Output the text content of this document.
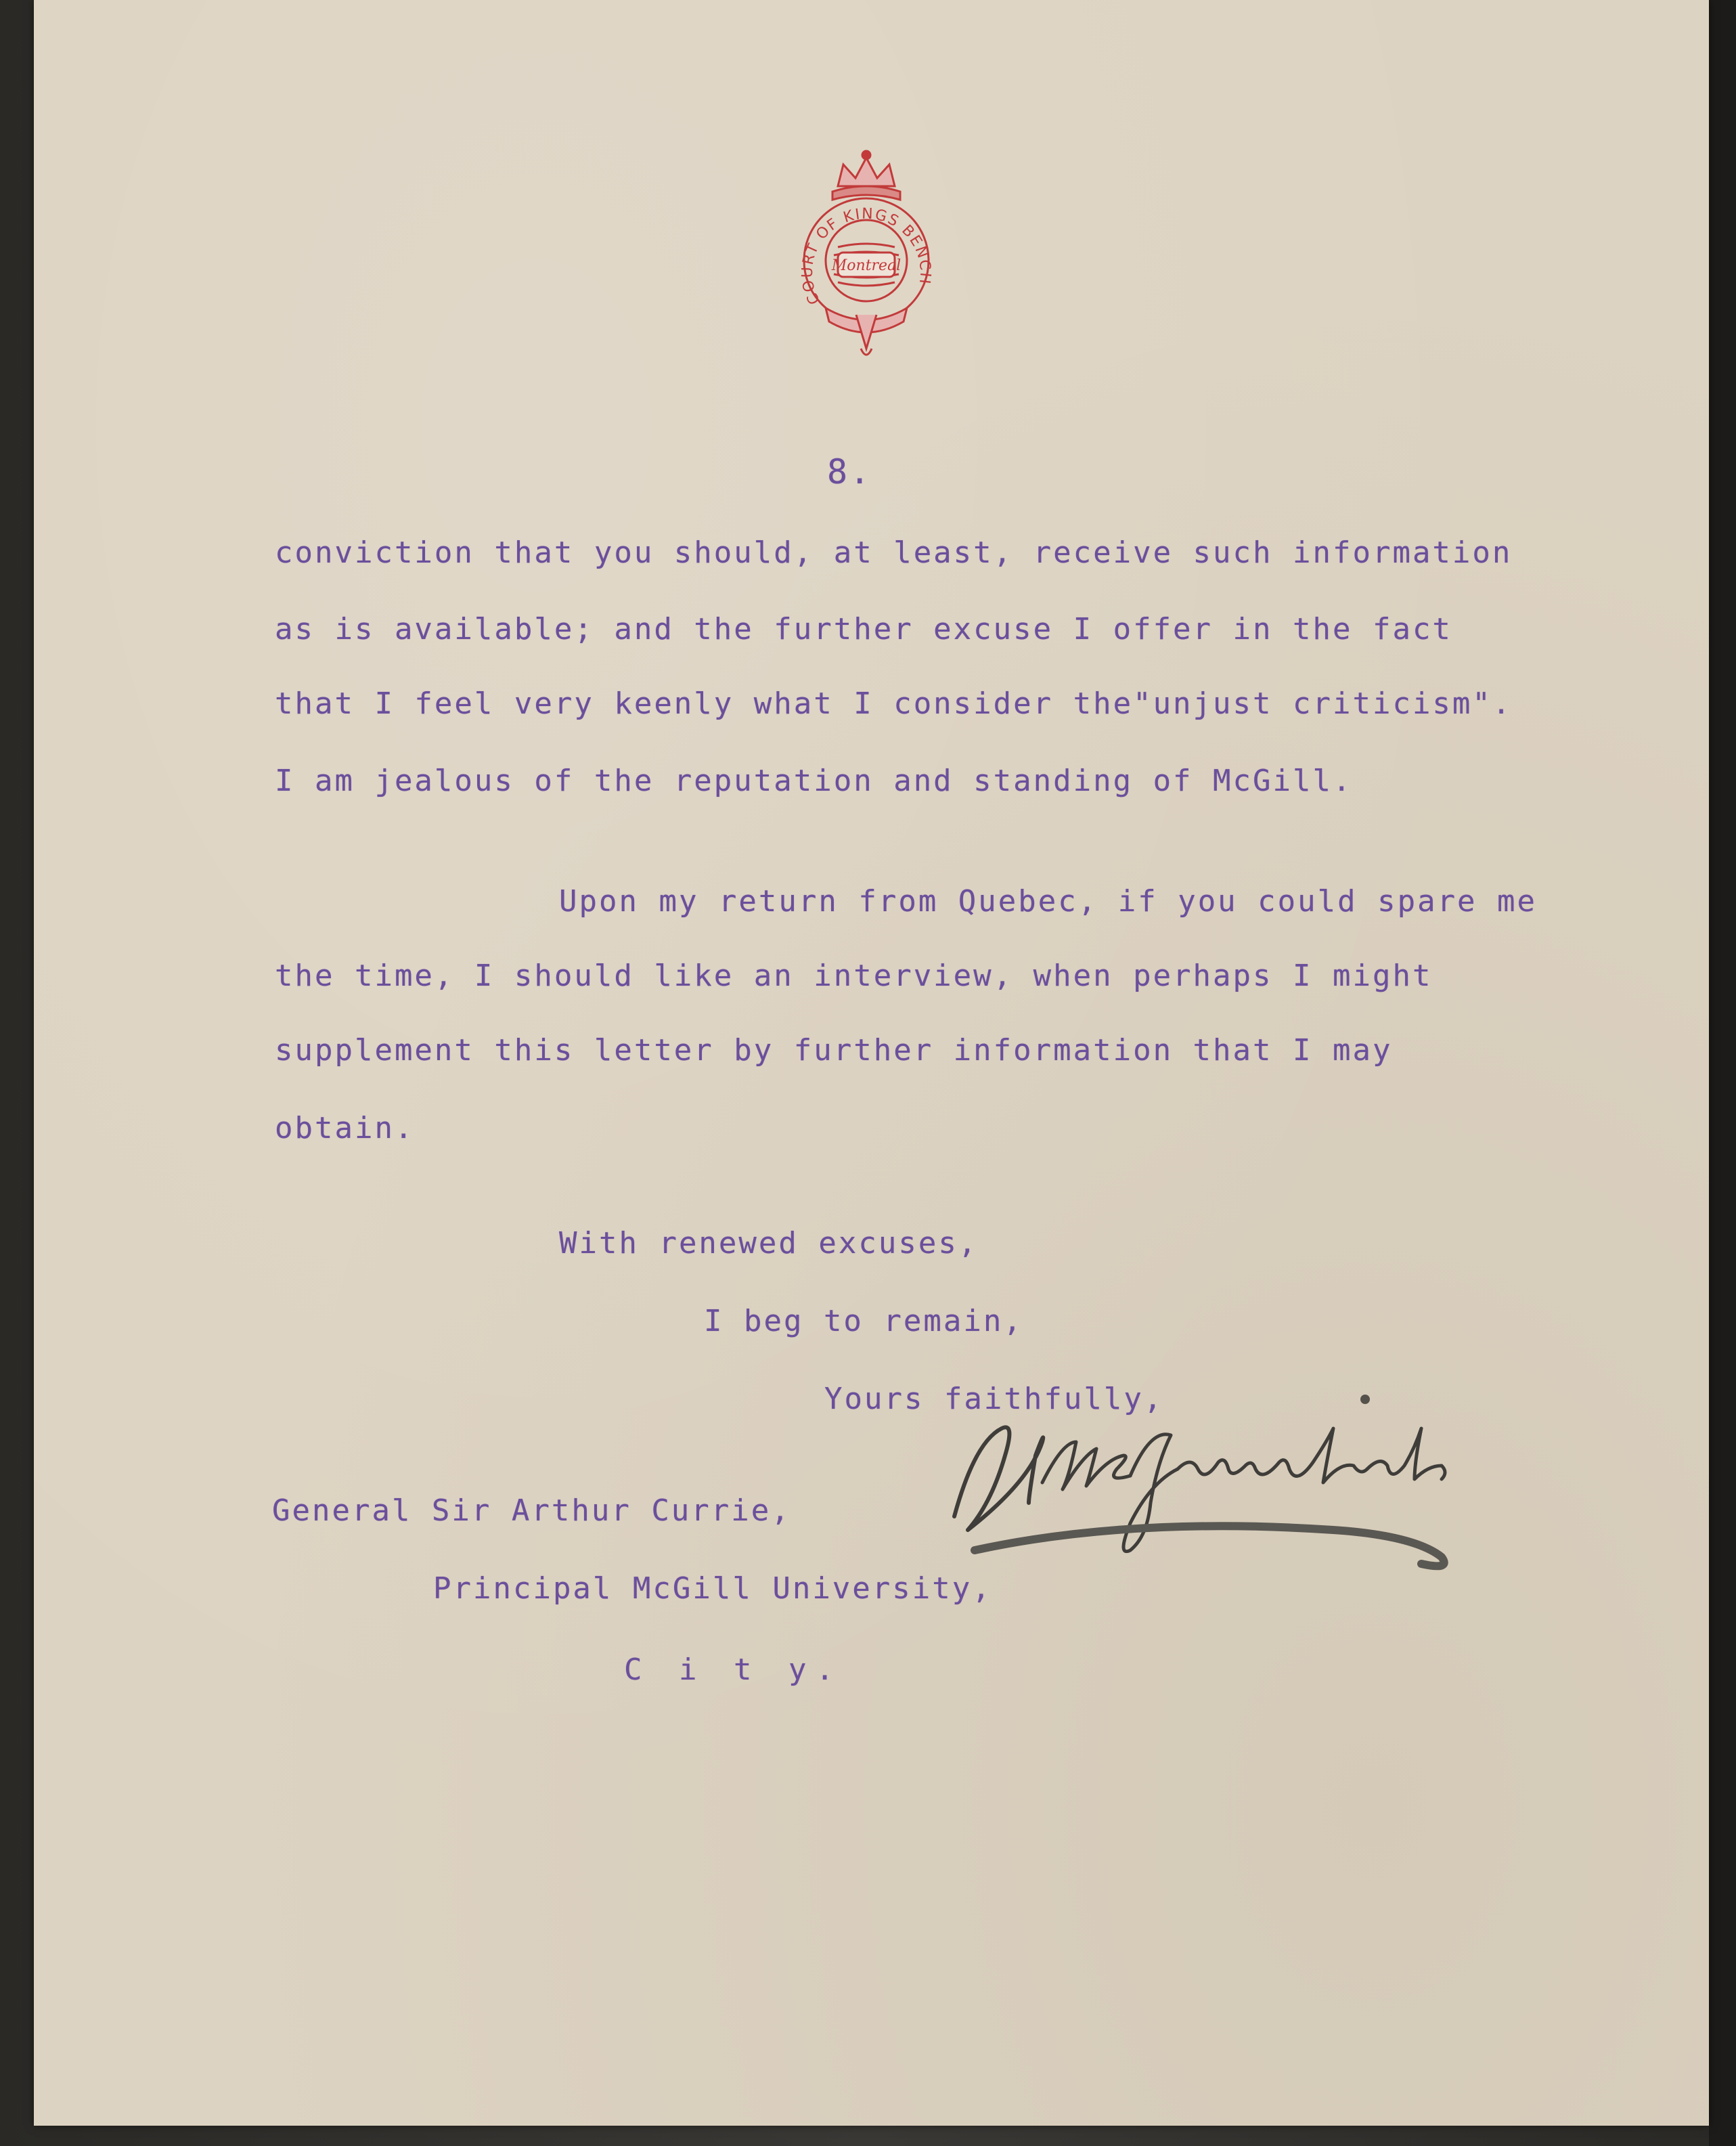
Montreal
COURT OF KINGS BENCH
8.
conviction that you should, at least, receive such information
as is available; and the further excuse I offer in the fact
that I feel very keenly what I consider the"unjust criticism".
I am jealous of the reputation and standing of McGill.
Upon my return from Quebec, if you could spare me
the time, I should like an interview, when perhaps I might
supplement this letter by further information that I may
obtain.
With renewed excuses,
I beg to remain,
Yours faithfully,
General Sir Arthur Currie,
Principal McGill University,
C i t y.
